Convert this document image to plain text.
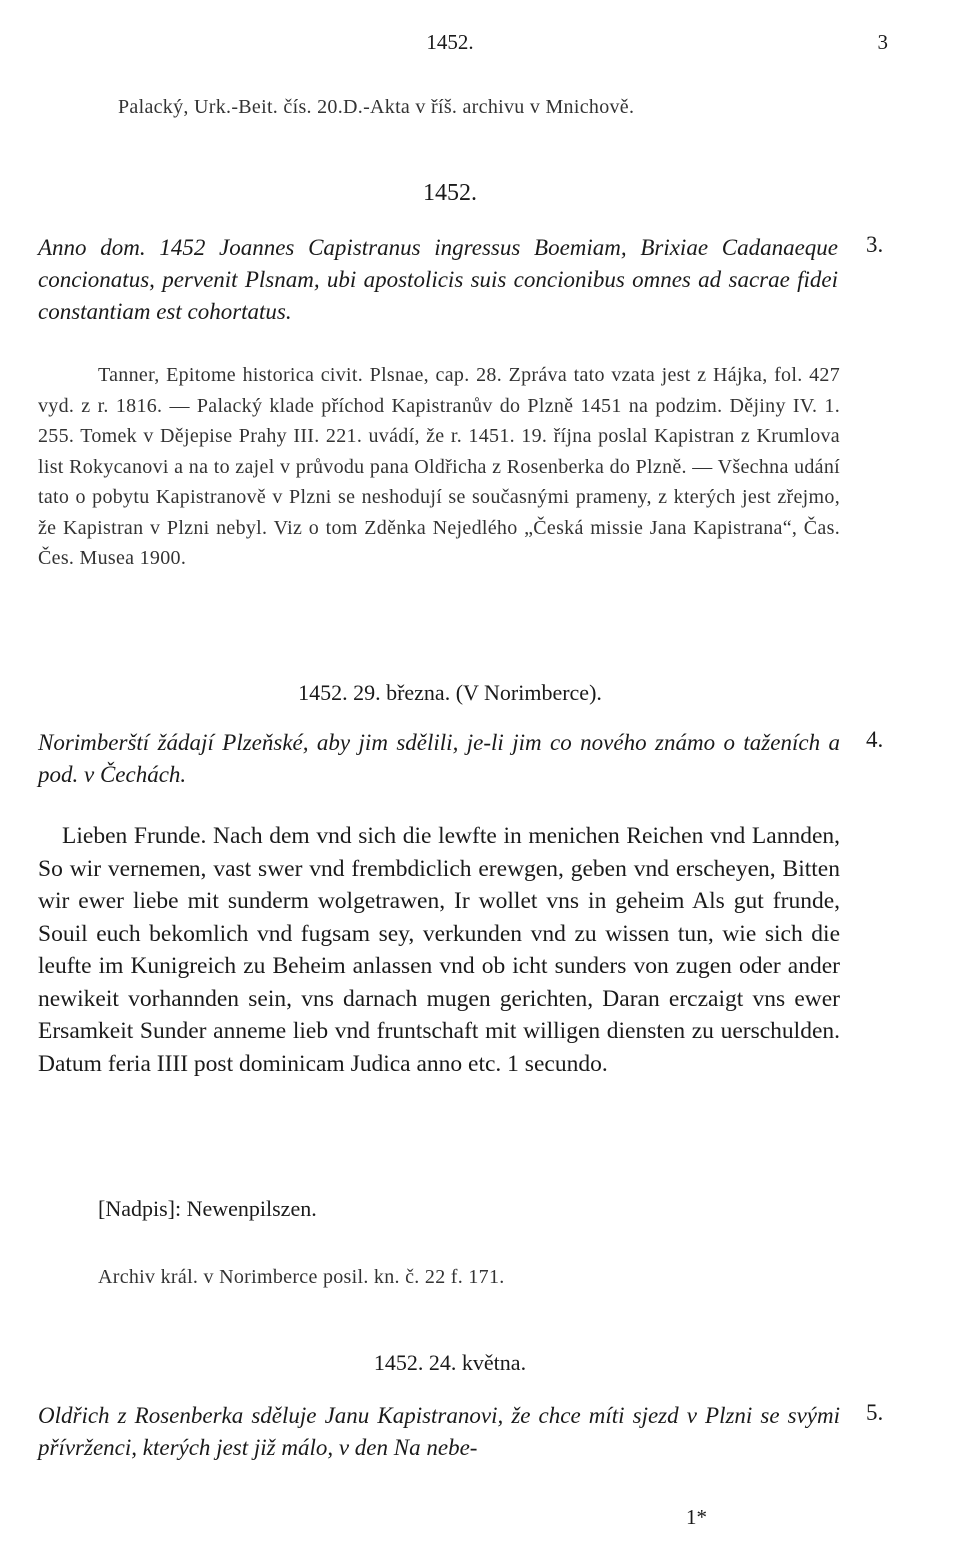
1452.	3
Palacký, Urk.-Beit. čís. 20.D.-Akta v říš. archivu v Mnichově.
1452.
Anno dom. 1452 Joannes Capistranus ingressus Boemiam, Brixiae Cadanaeque concionatus, pervenit Plsnam, ubi apostolicis suis concionibus omnes ad sacrae fidei constantiam est cohortatus.
3.
Tanner, Epitome historica civit. Plsnae, cap. 28. Zpráva tato vzata jest z Hájka, fol. 427 vyd. z r. 1816. — Palacký klade příchod Kapistranův do Plzně 1451 na podzim. Dějiny IV. 1. 255. Tomek v Dějepise Prahy III. 221. uvádí, že r. 1451. 19. října poslal Kapistran z Krumlova list Rokycanovi a na to zajel v průvodu pana Oldřicha z Rosenberka do Plzně. — Všechna udání tato o pobytu Kapistranově v Plzni se neshodují se současnými prameny, z kterých jest zřejmo, že Kapistran v Plzni nebyl. Viz o tom Zděnka Nejedlého „Česká missie Jana Kapistrana“, Čas. Čes. Musea 1900.
1452. 29. března. (V Norimberce).
Norimberští žádají Plzeňské, aby jim sdělili, je-li jim co nového známo o taženích a pod. v Čechách.
4.

Lieben Frunde. Nach dem vnd sich die lewfte in menichen Reichen vnd Lannden, So wir vernemen, vast swer vnd frembdiclich erewgen, geben vnd erscheyen, Bitten wir ewer liebe mit sunderm wolgetrawen, Ir wollet vns in geheim Als gut frunde, Souil euch bekomlich vnd fugsam sey, verkunden vnd zu wissen tun, wie sich die leufte im Kunigreich zu Beheim anlassen vnd ob icht sunders von zugen oder ander newikeit vorhannden sein, vns darnach mugen gerichten, Daran erczaigt vns ewer Ersamkeit Sunder anneme lieb vnd fruntschaft mit willigen diensten zu uerschulden. Datum feria IIII post dominicam Judica anno etc. 1 secundo.

[Nadpis]: Newenpilszen.
Archiv král. v Norimberce posil. kn. č. 22 f. 171.
1452. 24. května.
Oldřich z Rosenberka sděluje Janu Kapistranovi, že chce míti sjezd v Plzni se svými přívrženci, kterých jest již málo, v den Na nebe-
5.
1*
